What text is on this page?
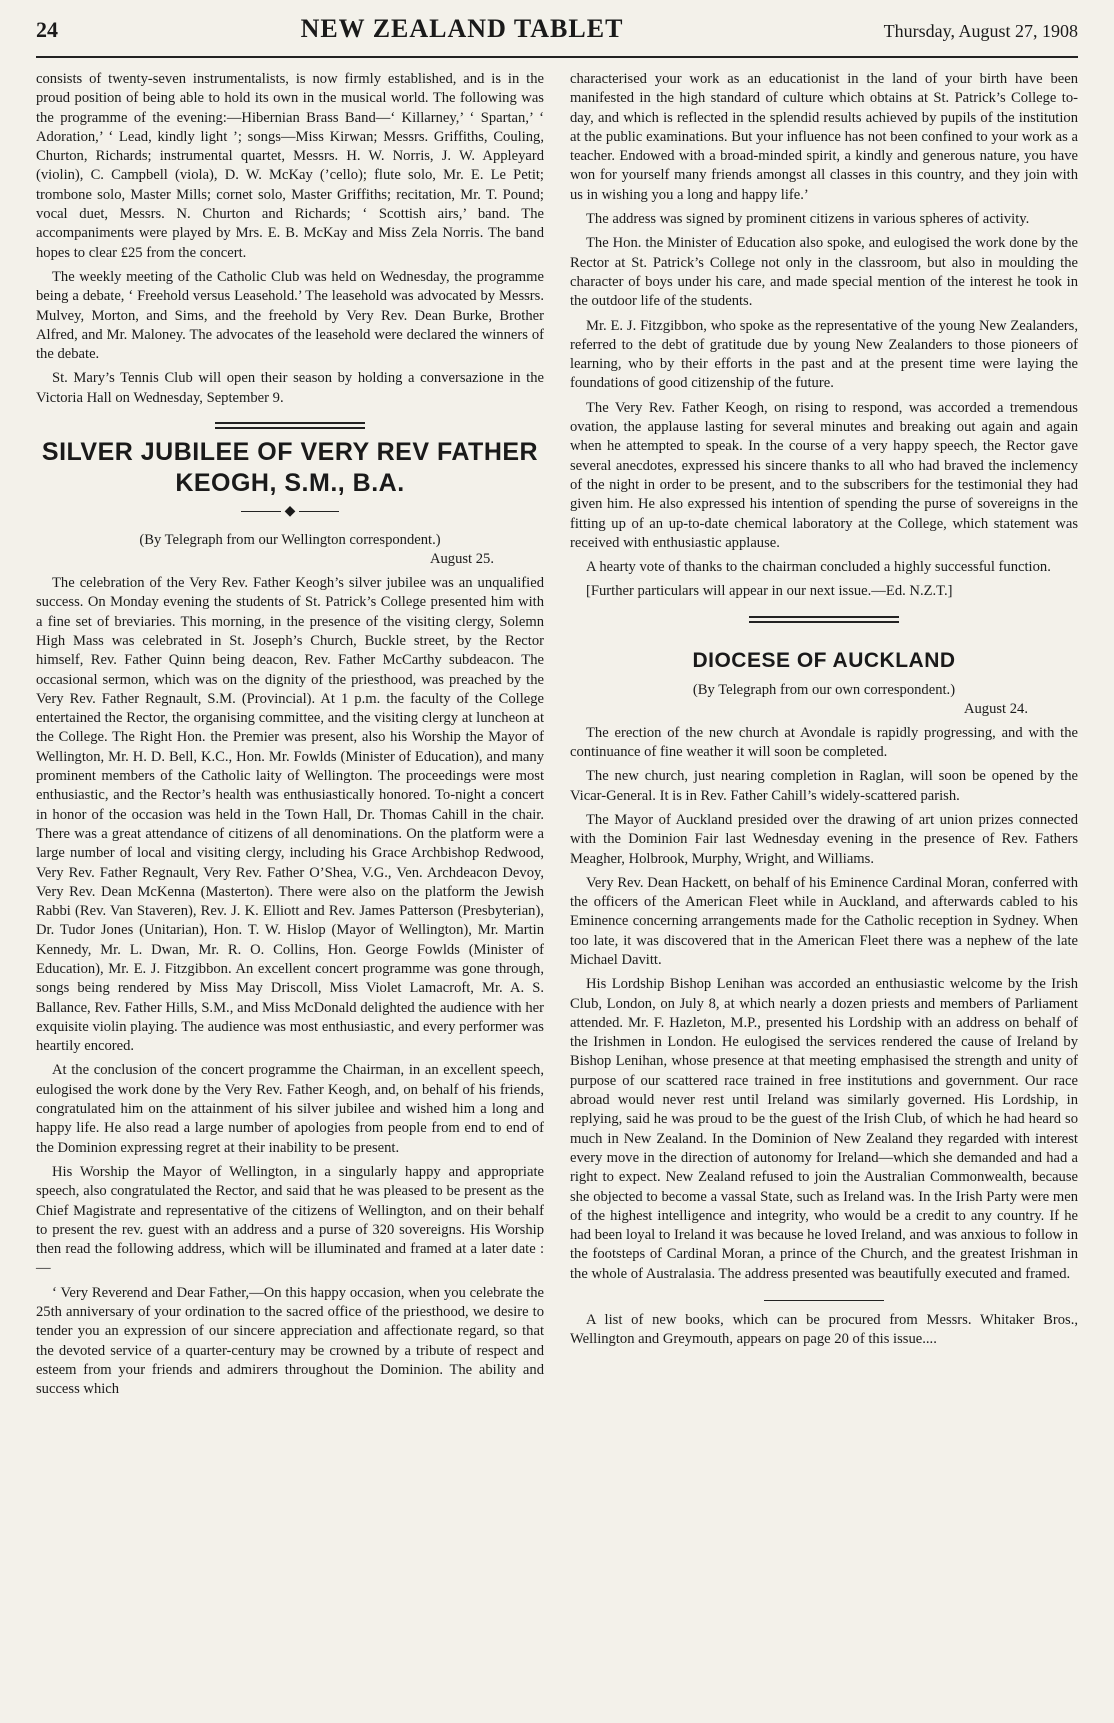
24	NEW ZEALAND TABLET	Thursday, August 27, 1908

consists of twenty-seven instrumentalists, is now firmly established, and is in the proud position of being able to hold its own in the musical world. The following was the programme of the evening:—Hibernian Brass Band—‘ Killarney,’ ‘ Spartan,’ ‘ Adoration,’ ‘ Lead, kindly light ’; songs—Miss Kirwan; Messrs. Griffiths, Couling, Churton, Richards; instrumental quartet, Messrs. H. W. Norris, J. W. Appleyard (violin), C. Campbell (viola), D. W. McKay (’cello); flute solo, Mr. E. Le Petit; trombone solo, Master Mills; cornet solo, Master Griffiths; recitation, Mr. T. Pound; vocal duet, Messrs. N. Churton and Richards; ‘ Scottish airs,’ band. The accompaniments were played by Mrs. E. B. McKay and Miss Zela Norris. The band hopes to clear £25 from the concert.

The weekly meeting of the Catholic Club was held on Wednesday, the programme being a debate, ‘ Freehold versus Leasehold.’ The leasehold was advocated by Messrs. Mulvey, Morton, and Sims, and the freehold by Very Rev. Dean Burke, Brother Alfred, and Mr. Maloney. The advocates of the leasehold were declared the winners of the debate.

St. Mary’s Tennis Club will open their season by holding a conversazione in the Victoria Hall on Wednesday, September 9.

SILVER JUBILEE OF VERY REV FATHER KEOGH, S.M., B.A.
◆
(By Telegraph from our Wellington correspondent.)
August 25.

The celebration of the Very Rev. Father Keogh’s silver jubilee was an unqualified success. On Monday evening the students of St. Patrick’s College presented him with a fine set of breviaries. This morning, in the presence of the visiting clergy, Solemn High Mass was celebrated in St. Joseph’s Church, Buckle street, by the Rector himself, Rev. Father Quinn being deacon, Rev. Father McCarthy subdeacon. The occasional sermon, which was on the dignity of the priesthood, was preached by the Very Rev. Father Regnault, S.M. (Provincial). At 1 p.m. the faculty of the College entertained the Rector, the organising committee, and the visiting clergy at luncheon at the College. The Right Hon. the Premier was present, also his Worship the Mayor of Wellington, Mr. H. D. Bell, K.C., Hon. Mr. Fowlds (Minister of Education), and many prominent members of the Catholic laity of Wellington. The proceedings were most enthusiastic, and the Rector’s health was enthusiastically honored. To-night a concert in honor of the occasion was held in the Town Hall, Dr. Thomas Cahill in the chair. There was a great attendance of citizens of all denominations. On the platform were a large number of local and visiting clergy, including his Grace Archbishop Redwood, Very Rev. Father Regnault, Very Rev. Father O’Shea, V.G., Ven. Archdeacon Devoy, Very Rev. Dean McKenna (Masterton). There were also on the platform the Jewish Rabbi (Rev. Van Staveren), Rev. J. K. Elliott and Rev. James Patterson (Presbyterian), Dr. Tudor Jones (Unitarian), Hon. T. W. Hislop (Mayor of Wellington), Mr. Martin Kennedy, Mr. L. Dwan, Mr. R. O. Collins, Hon. George Fowlds (Minister of Education), Mr. E. J. Fitzgibbon. An excellent concert programme was gone through, songs being rendered by Miss May Driscoll, Miss Violet Lamacroft, Mr. A. S. Ballance, Rev. Father Hills, S.M., and Miss McDonald delighted the audience with her exquisite violin playing. The audience was most enthusiastic, and every performer was heartily encored.

At the conclusion of the concert programme the Chairman, in an excellent speech, eulogised the work done by the Very Rev. Father Keogh, and, on behalf of his friends, congratulated him on the attainment of his silver jubilee and wished him a long and happy life. He also read a large number of apologies from people from end to end of the Dominion expressing regret at their inability to be present.

His Worship the Mayor of Wellington, in a singularly happy and appropriate speech, also congratulated the Rector, and said that he was pleased to be present as the Chief Magistrate and representative of the citizens of Wellington, and on their behalf to present the rev. guest with an address and a purse of 320 sovereigns. His Worship then read the following address, which will be illuminated and framed at a later date :—

‘ Very Reverend and Dear Father,—On this happy occasion, when you celebrate the 25th anniversary of your ordination to the sacred office of the priesthood, we desire to tender you an expression of our sincere appreciation and affectionate regard, so that the devoted service of a quarter-century may be crowned by a tribute of respect and esteem from your friends and admirers throughout the Dominion. The ability and success which

characterised your work as an educationist in the land of your birth have been manifested in the high standard of culture which obtains at St. Patrick’s College to-day, and which is reflected in the splendid results achieved by pupils of the institution at the public examinations. But your influence has not been confined to your work as a teacher. Endowed with a broad-minded spirit, a kindly and generous nature, you have won for yourself many friends amongst all classes in this country, and they join with us in wishing you a long and happy life.’

The address was signed by prominent citizens in various spheres of activity.

The Hon. the Minister of Education also spoke, and eulogised the work done by the Rector at St. Patrick’s College not only in the classroom, but also in moulding the character of boys under his care, and made special mention of the interest he took in the outdoor life of the students.

Mr. E. J. Fitzgibbon, who spoke as the representative of the young New Zealanders, referred to the debt of gratitude due by young New Zealanders to those pioneers of learning, who by their efforts in the past and at the present time were laying the foundations of good citizenship of the future.

The Very Rev. Father Keogh, on rising to respond, was accorded a tremendous ovation, the applause lasting for several minutes and breaking out again and again when he attempted to speak. In the course of a very happy speech, the Rector gave several anecdotes, expressed his sincere thanks to all who had braved the inclemency of the night in order to be present, and to the subscribers for the testimonial they had given him. He also expressed his intention of spending the purse of sovereigns in the fitting up of an up-to-date chemical laboratory at the College, which statement was received with enthusiastic applause.

A hearty vote of thanks to the chairman concluded a highly successful function.

[Further particulars will appear in our next issue.—Ed. N.Z.T.]

DIOCESE OF AUCKLAND
(By Telegraph from our own correspondent.)
August 24.

The erection of the new church at Avondale is rapidly progressing, and with the continuance of fine weather it will soon be completed.

The new church, just nearing completion in Raglan, will soon be opened by the Vicar-General. It is in Rev. Father Cahill’s widely-scattered parish.

The Mayor of Auckland presided over the drawing of art union prizes connected with the Dominion Fair last Wednesday evening in the presence of Rev. Fathers Meagher, Holbrook, Murphy, Wright, and Williams.

Very Rev. Dean Hackett, on behalf of his Eminence Cardinal Moran, conferred with the officers of the American Fleet while in Auckland, and afterwards cabled to his Eminence concerning arrangements made for the Catholic reception in Sydney. When too late, it was discovered that in the American Fleet there was a nephew of the late Michael Davitt.

His Lordship Bishop Lenihan was accorded an enthusiastic welcome by the Irish Club, London, on July 8, at which nearly a dozen priests and members of Parliament attended. Mr. F. Hazleton, M.P., presented his Lordship with an address on behalf of the Irishmen in London. He eulogised the services rendered the cause of Ireland by Bishop Lenihan, whose presence at that meeting emphasised the strength and unity of purpose of our scattered race trained in free institutions and government. Our race abroad would never rest until Ireland was similarly governed. His Lordship, in replying, said he was proud to be the guest of the Irish Club, of which he had heard so much in New Zealand. In the Dominion of New Zealand they regarded with interest every move in the direction of autonomy for Ireland—which she demanded and had a right to expect. New Zealand refused to join the Australian Commonwealth, because she objected to become a vassal State, such as Ireland was. In the Irish Party were men of the highest intelligence and integrity, who would be a credit to any country. If he had been loyal to Ireland it was because he loved Ireland, and was anxious to follow in the footsteps of Cardinal Moran, a prince of the Church, and the greatest Irishman in the whole of Australasia. The address presented was beautifully executed and framed.

A list of new books, which can be procured from Messrs. Whitaker Bros., Wellington and Greymouth, appears on page 20 of this issue....
